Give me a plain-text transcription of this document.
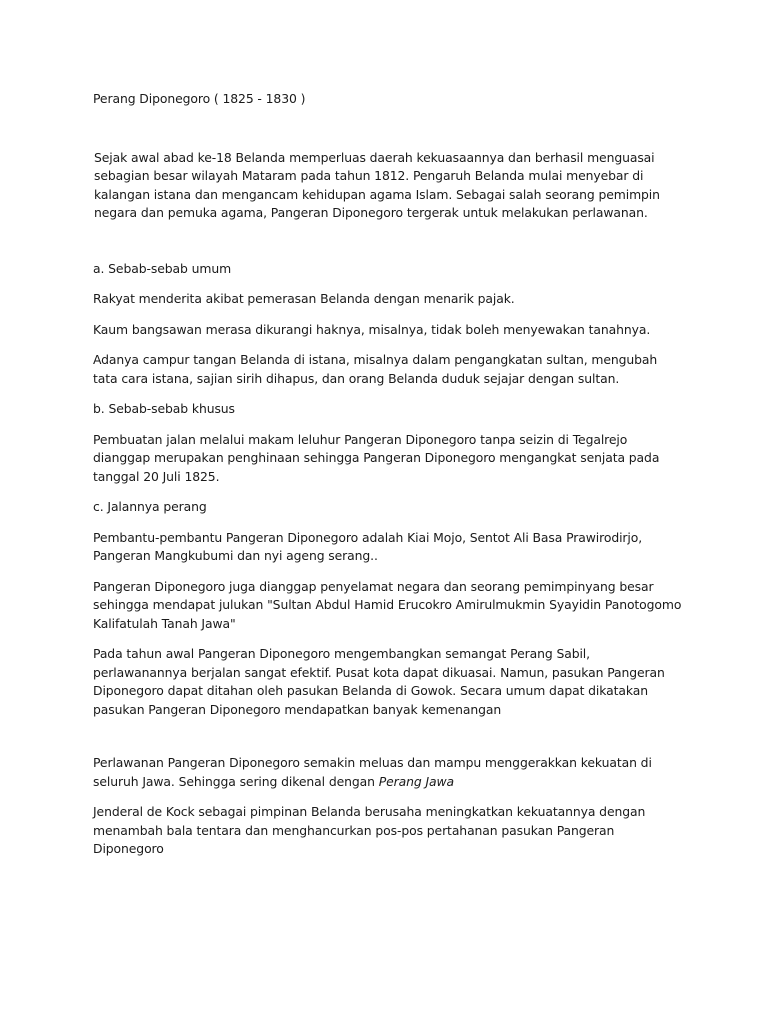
Perang Diponegoro ( 1825 - 1830 )

Sejak awal abad ke-18 Belanda memperluas daerah kekuasaannya dan berhasil menguasai sebagian besar wilayah Mataram pada tahun 1812. Pengaruh Belanda mulai menyebar di kalangan istana dan mengancam kehidupan agama Islam. Sebagai salah seorang pemimpin negara dan pemuka agama, Pangeran Diponegoro tergerak untuk melakukan perlawanan.

a. Sebab-sebab umum

Rakyat menderita akibat pemerasan Belanda dengan menarik pajak.

Kaum bangsawan merasa dikurangi haknya, misalnya, tidak boleh menyewakan tanahnya.

Adanya campur tangan Belanda di istana, misalnya dalam pengangkatan sultan, mengubah tata cara istana, sajian sirih dihapus, dan orang Belanda duduk sejajar dengan sultan.

b. Sebab-sebab khusus

Pembuatan jalan melalui makam leluhur Pangeran Diponegoro tanpa seizin di Tegalrejo dianggap merupakan penghinaan sehingga Pangeran Diponegoro mengangkat senjata pada tanggal 20 Juli 1825.

c. Jalannya perang

Pembantu-pembantu Pangeran Diponegoro adalah Kiai Mojo, Sentot Ali Basa Prawirodirjo, Pangeran Mangkubumi dan nyi ageng serang..

Pangeran Diponegoro juga dianggap penyelamat negara dan seorang pemimpinyang besar sehingga mendapat julukan "Sultan Abdul Hamid Erucokro Amirulmukmin Syayidin Panotogomo Kalifatulah Tanah Jawa"

Pada tahun awal Pangeran Diponegoro mengembangkan semangat Perang Sabil, perlawanannya berjalan sangat efektif. Pusat kota dapat dikuasai. Namun, pasukan Pangeran Diponegoro dapat ditahan oleh pasukan Belanda di Gowok. Secara umum dapat dikatakan pasukan Pangeran Diponegoro mendapatkan banyak kemenangan

Perlawanan Pangeran Diponegoro semakin meluas dan mampu menggerakkan kekuatan di seluruh Jawa. Sehingga sering dikenal dengan Perang Jawa

Jenderal de Kock sebagai pimpinan Belanda berusaha meningkatkan kekuatannya dengan menambah bala tentara dan menghancurkan pos-pos pertahanan pasukan Pangeran Diponegoro
